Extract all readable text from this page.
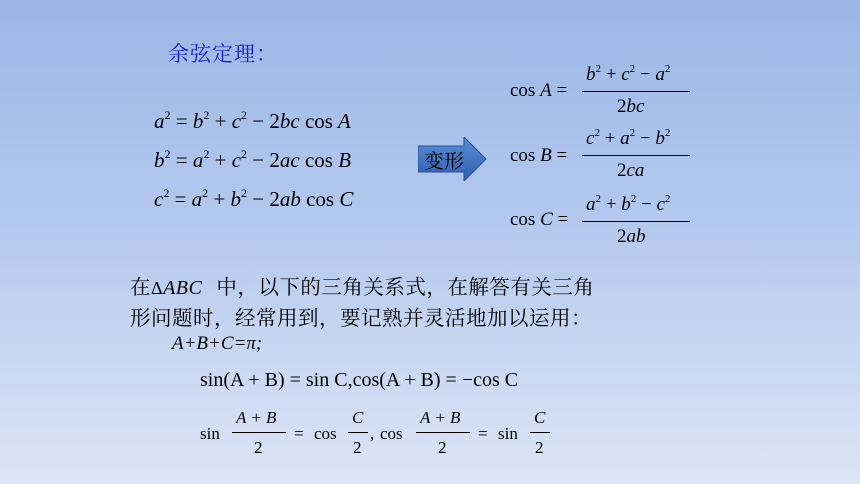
余弦定理：
$a^2 = b^2 + c^2 - 2bc$ cos A
$b^2 = a^2 + c^2 - 2ac$ cos B
$c^2 = a^2 + b^2 - 2ab$ cos C
变形
cos A =
$b^2 + c^2 - a^2$
2bc
cos B =
$c^2 + a^2 - b^2$
2ca
cos C =
$a^2 + b^2 - c^2$
2ab
在ΔABC 中，以下的三角关系式，在解答有关三角
形问题时，经常用到，要记熟并灵活地加以运用：
A+B+C=π;
sin(A + B) = sin C,cos(A + B) = −cos C
sin
A + B
2
= cos
C
2
, cos
A + B
2
= sin
C
2
